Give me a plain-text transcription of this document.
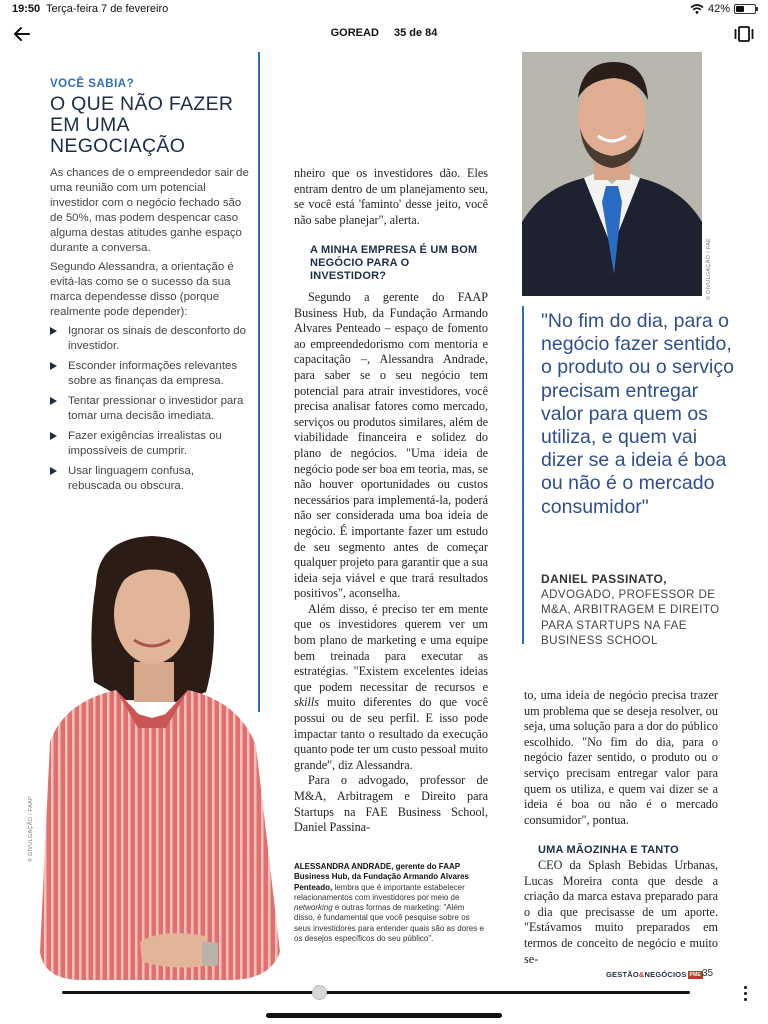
19:50 Terça-feira 7 de fevereiro	42%
GOREAD 35 de 84
VOCÊ SABIA?
O QUE NÃO FAZER EM UMA NEGOCIAÇÃO

As chances de o empreendedor sair de uma reunião com um potencial investidor com o negócio fechado são de 50%, mas podem despencar caso alguma destas atitudes ganhe espaço durante a conversa.

Segundo Alessandra, a orientação é evitá-las como se o sucesso da sua marca dependesse disso (porque realmente pode depender):

Ignorar os sinais de desconforto do investidor.
Esconder informações relevantes sobre as finanças da empresa.
Tentar pressionar o investidor para tomar uma decisão imediata.
Fazer exigências irrealistas ou impossíveis de cumprir.
Usar linguagem confusa, rebuscada ou obscura.
© DIVULGAÇÃO / FAAP

nheiro que os investidores dão. Eles entram dentro de um planejamento seu, se você está 'faminto' desse jeito, você não sabe planejar", alerta.

A MINHA EMPRESA É UM BOM NEGÓCIO PARA O INVESTIDOR?

Segundo a gerente do FAAP Business Hub, da Fundação Armando Alvares Penteado – espaço de fomento ao empreendedorismo com mentoria e capacitação –, Alessandra Andrade, para saber se o seu negócio tem potencial para atrair investidores, você precisa analisar fatores como mercado, serviços ou produtos similares, além de viabilidade financeira e solidez do plano de negócios. "Uma ideia de negócio pode ser boa em teoria, mas, se não houver oportunidades ou custos necessários para implementá-la, poderá não ser considerada uma boa ideia de negócio. É importante fazer um estudo de seu segmento antes de começar qualquer projeto para garantir que a sua ideia seja viável e que trará resultados positivos", aconselha.

Além disso, é preciso ter em mente que os investidores querem ver um bom plano de marketing e uma equipe bem treinada para executar as estratégias. "Existem excelentes ideias que podem necessitar de recursos e skills muito diferentes do que você possui ou de seu perfil. E isso pode impactar tanto o resultado da execução quanto pode ter um custo pessoal muito grande", diz Alessandra.

Para o advogado, professor de M&A, Arbitragem e Direito para Startups na FAE Business School, Daniel Passina-

ALESSANDRA ANDRADE, gerente do FAAP Business Hub, da Fundação Armando Alvares Penteado, lembra que é importante estabelecer relacionamentos com investidores por meio de networking e outras formas de marketing: "Além disso, é fundamental que você pesquise sobre os seus investidores para entender quais são as dores e os desejos específicos do seu público".

© DIVULGAÇÃO / FAE
"No fim do dia, para o negócio fazer sentido, o produto ou o serviço precisam entregar valor para quem os utiliza, e quem vai dizer se a ideia é boa ou não é o mercado consumidor"
DANIEL PASSINATO,
ADVOGADO, PROFESSOR DE M&A, ARBITRAGEM E DIREITO PARA STARTUPS NA FAE BUSINESS SCHOOL

to, uma ideia de negócio precisa trazer um problema que se deseja resolver, ou seja, uma solução para a dor do público escolhido. "No fim do dia, para o negócio fazer sentido, o produto ou o serviço precisam entregar valor para quem os utiliza, e quem vai dizer se a ideia é boa ou não é o mercado consumidor", pontua.

UMA MÃOZINHA E TANTO

CEO da Splash Bebidas Urbanas, Lucas Moreira conta que desde a criação da marca estava preparado para o dia que precisasse de um aporte. "Estávamos muito preparados em termos de conceito de negócio e muito se-

GESTÃO&NEGÓCIOS PME 35
